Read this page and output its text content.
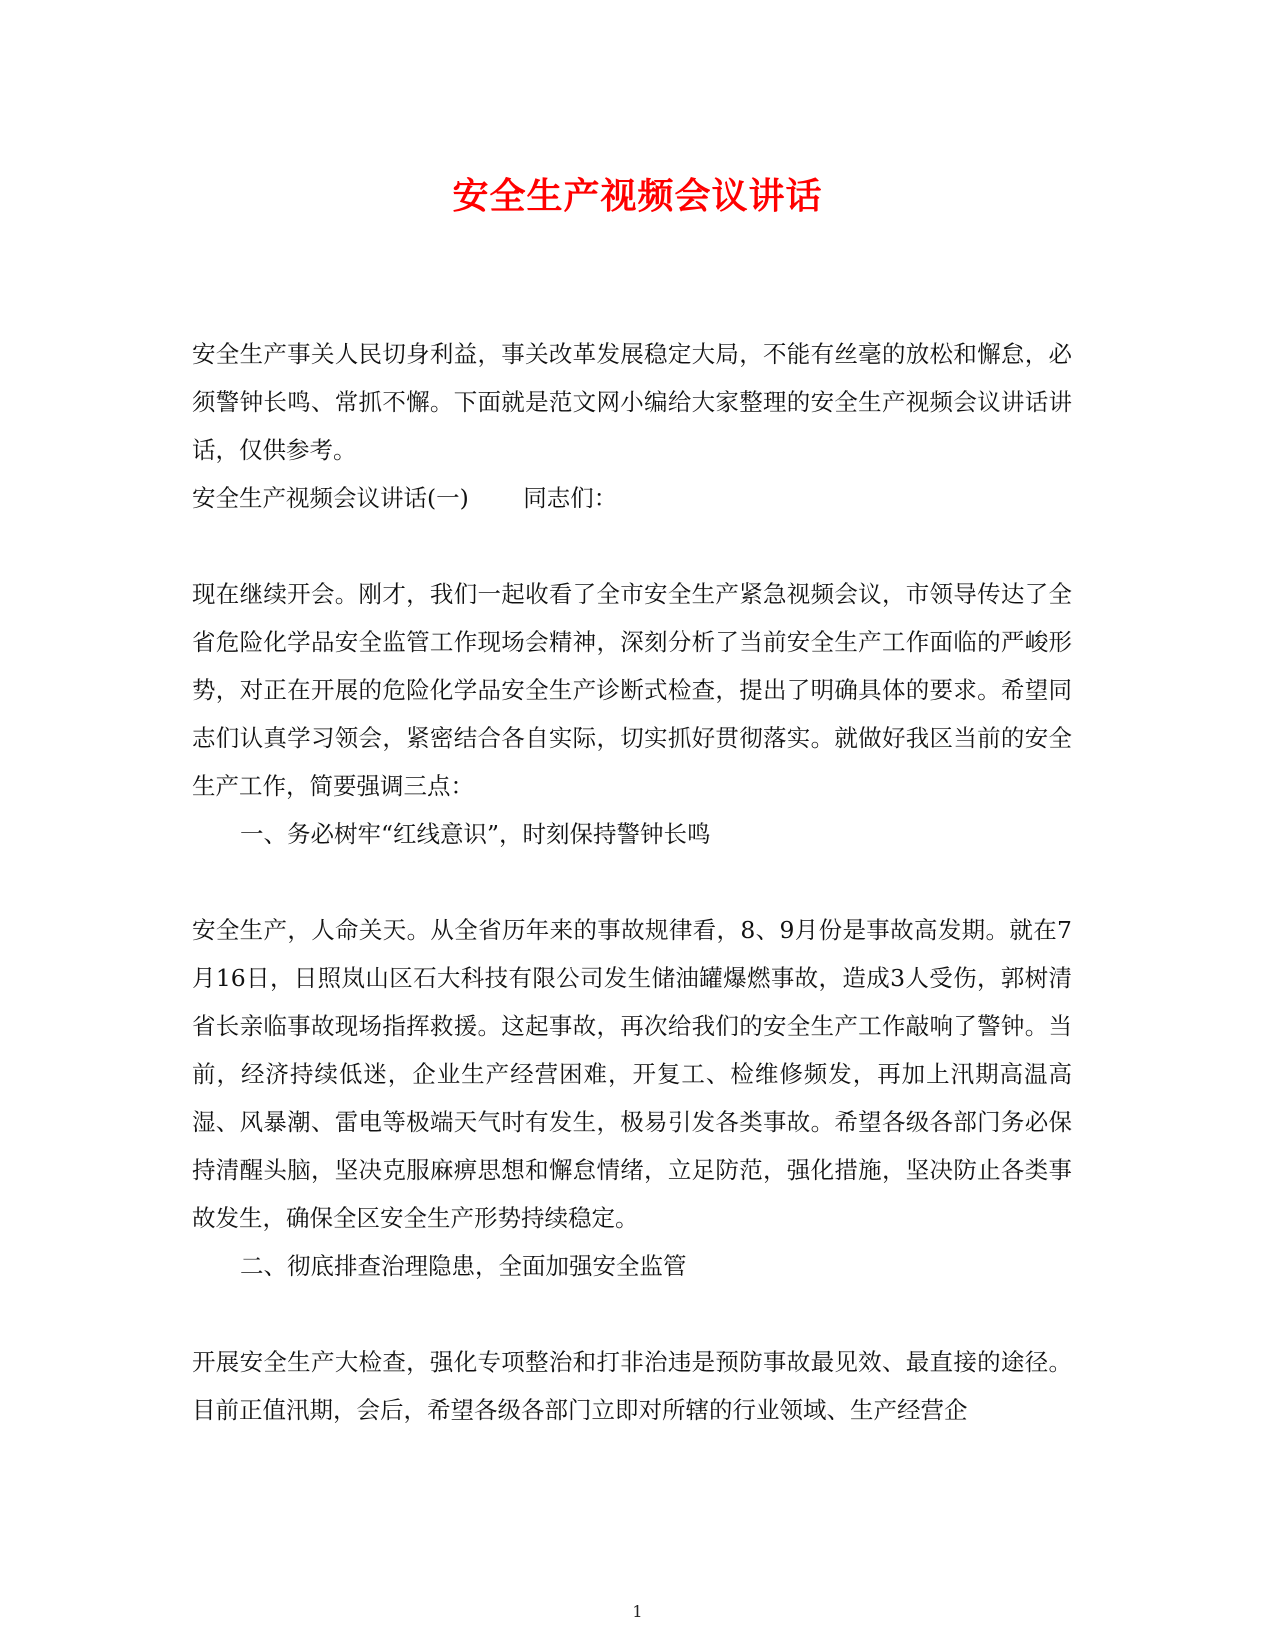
安全生产视频会议讲话

安全生产事关人民切身利益，事关改革发展稳定大局，不能有丝毫的放松和懈怠，必须警钟长鸣、常抓不懈。下面就是范文网小编给大家整理的安全生产视频会议讲话讲话，仅供参考。

安全生产视频会议讲话(一)　　 同志们：

现在继续开会。刚才，我们一起收看了全市安全生产紧急视频会议，市领导传达了全省危险化学品安全监管工作现场会精神，深刻分析了当前安全生产工作面临的严峻形势，对正在开展的危险化学品安全生产诊断式检查，提出了明确具体的要求。希望同志们认真学习领会，紧密结合各自实际，切实抓好贯彻落实。就做好我区当前的安全生产工作，简要强调三点：

一、务必树牢“红线意识”，时刻保持警钟长鸣

安全生产，人命关天。从全省历年来的事故规律看，8、9月份是事故高发期。就在7月16日，日照岚山区石大科技有限公司发生储油罐爆燃事故，造成3人受伤，郭树清省长亲临事故现场指挥救援。这起事故，再次给我们的安全生产工作敲响了警钟。当前，经济持续低迷，企业生产经营困难，开复工、检维修频发，再加上汛期高温高湿、风暴潮、雷电等极端天气时有发生，极易引发各类事故。希望各级各部门务必保持清醒头脑，坚决克服麻痹思想和懈怠情绪，立足防范，强化措施，坚决防止各类事故发生，确保全区安全生产形势持续稳定。

二、彻底排查治理隐患，全面加强安全监管

开展安全生产大检查，强化专项整治和打非治违是预防事故最见效、最直接的途径。目前正值汛期，会后，希望各级各部门立即对所辖的行业领域、生产经营企

1
